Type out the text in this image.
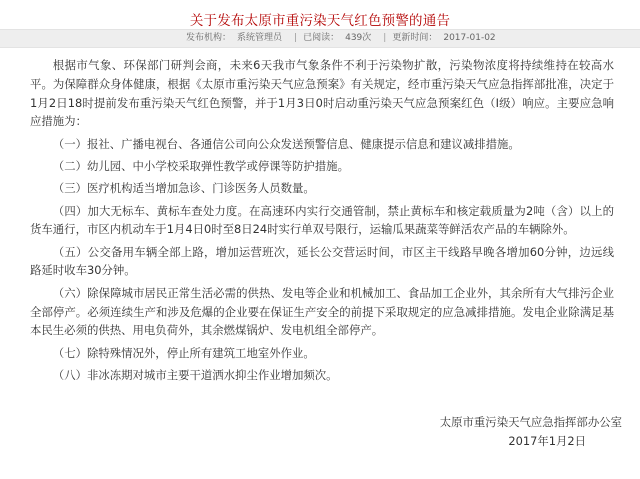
关于发布太原市重污染天气红色预警的通告
发布机构： 系统管理员 | 已阅读： 439次 | 更新时间： 2017-01-02

根据市气象、环保部门研判会商，未来6天我市气象条件不利于污染物扩散，污染物浓度将持续维持在较高水平。为保障群众身体健康，根据《太原市重污染天气应急预案》有关规定，经市重污染天气应急指挥部批准，决定于1月2日18时提前发布重污染天气红色预警，并于1月3日0时启动重污染天气应急预案红色（Ⅰ级）响应。主要应急响应措施为：

（一）报社、广播电视台、各通信公司向公众发送预警信息、健康提示信息和建议减排措施。

（二）幼儿园、中小学校采取弹性教学或停课等防护措施。

（三）医疗机构适当增加急诊、门诊医务人员数量。

（四）加大无标车、黄标车查处力度。在高速环内实行交通管制，禁止黄标车和核定载质量为2吨（含）以上的货车通行，市区内机动车于1月4日0时至8日24时实行单双号限行，运输瓜果蔬菜等鲜活农产品的车辆除外。

（五）公交备用车辆全部上路，增加运营班次，延长公交营运时间，市区主干线路早晚各增加60分钟，边远线路延时收车30分钟。

（六）除保障城市居民正常生活必需的供热、发电等企业和机械加工、食品加工企业外，其余所有大气排污企业全部停产。必须连续生产和涉及危爆的企业要在保证生产安全的前提下采取规定的应急减排措施。发电企业除满足基本民生必须的供热、用电负荷外，其余燃煤锅炉、发电机组全部停产。

（七）除特殊情况外，停止所有建筑工地室外作业。

（八）非冰冻期对城市主要干道洒水抑尘作业增加频次。

太原市重污染天气应急指挥部办公室
2017年1月2日
